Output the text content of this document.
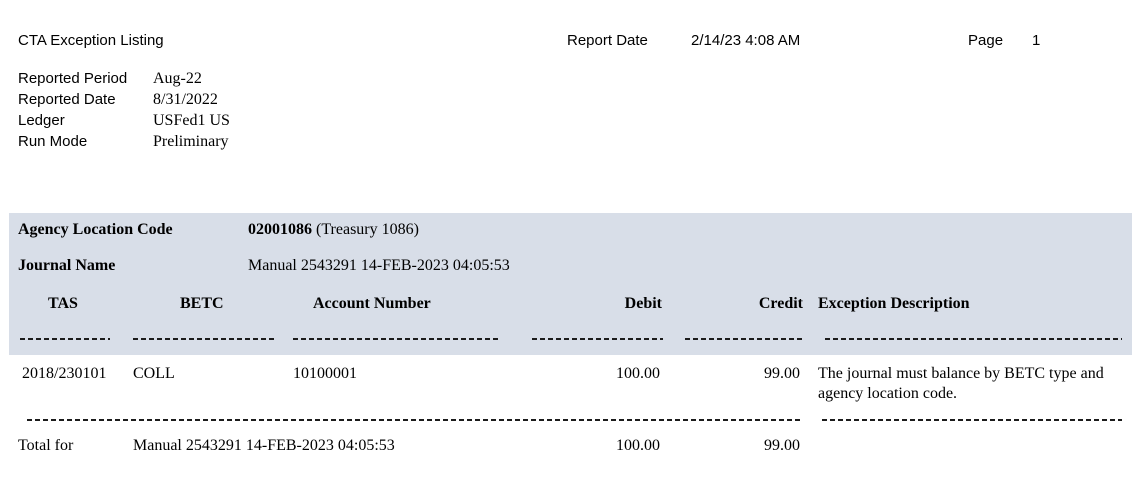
CTA Exception Listing	Report Date	2/14/23 4:08 AM	Page 1
Reported Period Aug-22
Reported Date 8/31/2022
Ledger	USFed1 US
Run Mode	Preliminary
Agency Location Code	02001086 (Treasury 1086)
Journal Name	Manual 2543291 14-FEB-2023 04:05:53
TAS	BETC	Account Number	Debit	Credit Exception Description
2018/230101 COLL	10100001	100.00	99.00 The journal must balance by BETC type and agency location code.
Total for	Manual 2543291 14-FEB-2023 04:05:53	100.00	99.00
